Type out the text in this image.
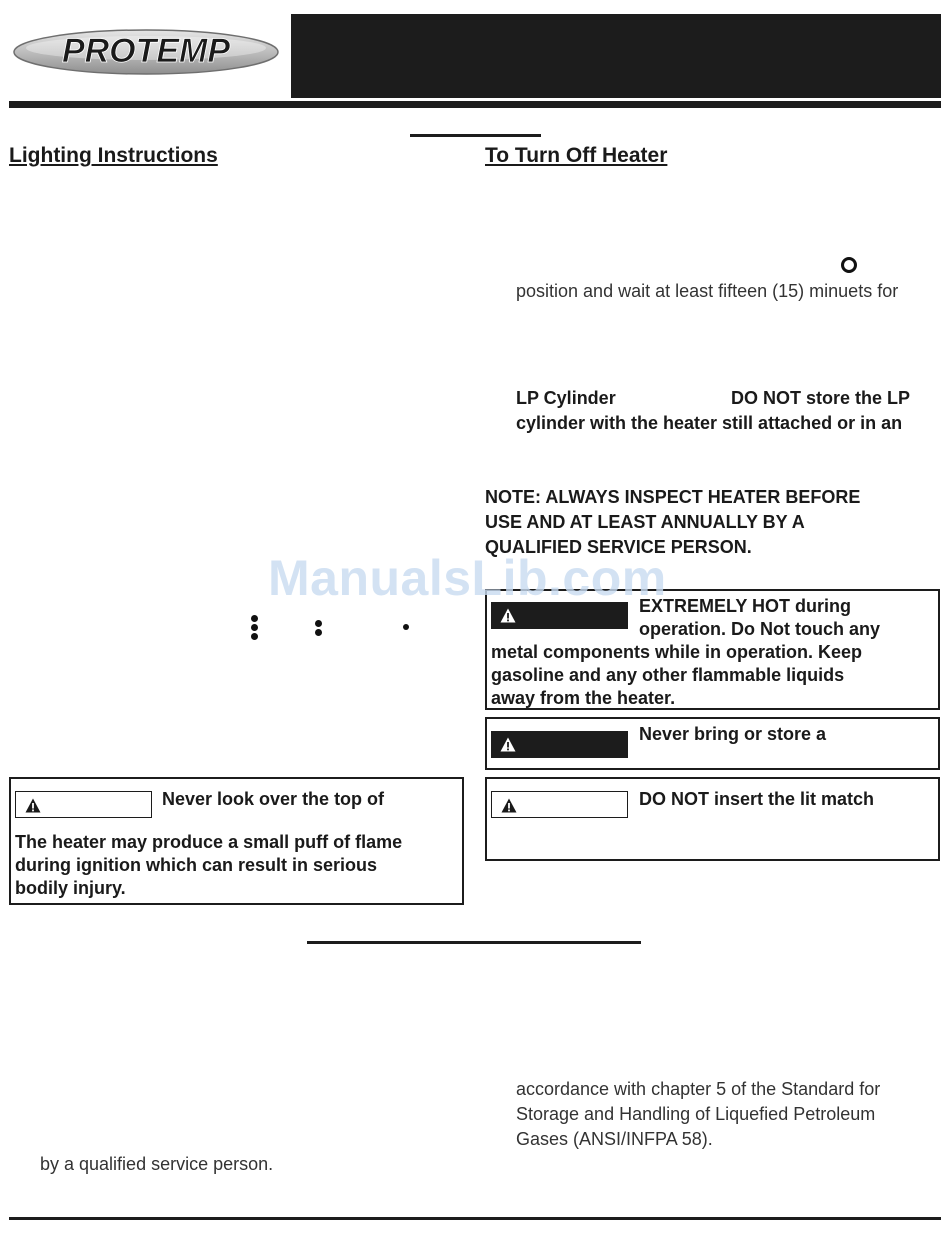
PROTEMP
Lighting Instructions
Never look over the top of
The heater may produce a small puff of flame
during ignition which can result in serious
bodily injury.
To Turn Off Heater
position and wait at least fifteen (15) minuets for
LP Cylinder	DO NOT store the LP
cylinder with the heater still attached or in an
NOTE: ALWAYS INSPECT HEATER BEFORE
USE AND AT LEAST ANNUALLY BY A
QUALIFIED SERVICE PERSON.
EXTREMELY HOT during
operation. Do Not touch any
metal components while in operation. Keep
gasoline and any other flammable liquids
away from the heater.
Never bring or store a
DO NOT insert the lit match
ManualsLib.com
accordance with chapter 5 of the Standard for
Storage and Handling of Liquefied Petroleum
Gases (ANSI/INFPA 58).
by a qualified service person.
